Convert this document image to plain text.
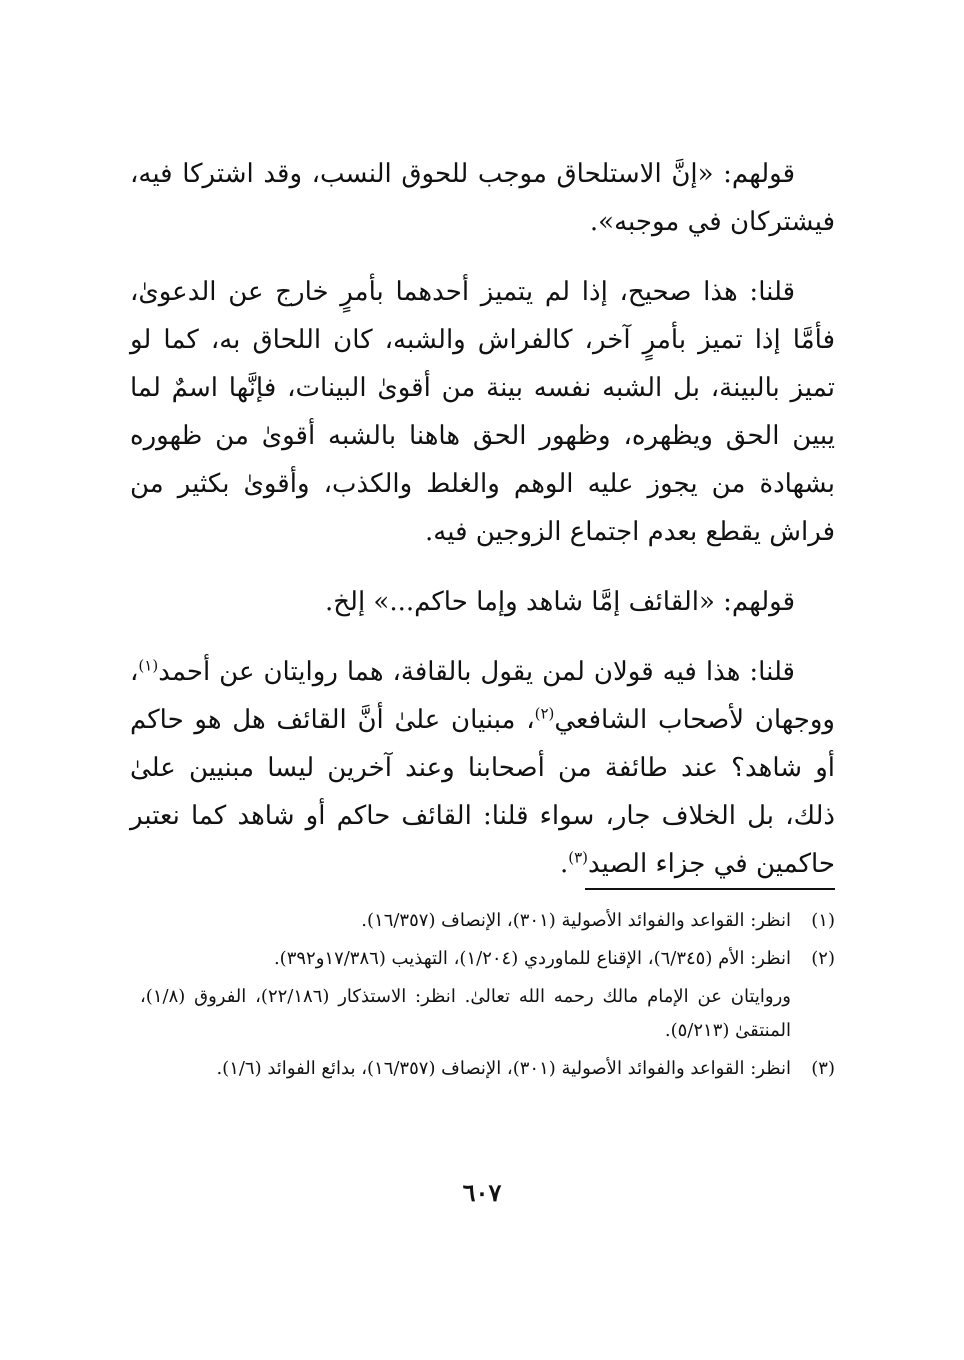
قولهم: «إنَّ الاستلحاق موجب للحوق النسب، وقد اشتركا فيه، فيشتركان في موجبه».

قلنا: هذا صحيح، إذا لم يتميز أحدهما بأمرٍ خارج عن الدعوىٰ، فأمَّا إذا تميز بأمرٍ آخر، كالفراش والشبه، كان اللحاق به، كما لو تميز بالبينة، بل الشبه نفسه بينة من أقوىٰ البينات، فإنَّها اسمٌ لما يبين الحق ويظهره، وظهور الحق هاهنا بالشبه أقوىٰ من ظهوره بشهادة من يجوز عليه الوهم والغلط والكذب، وأقوىٰ بكثير من فراش يقطع بعدم اجتماع الزوجين فيه.

قولهم: «القائف إمَّا شاهد وإما حاكم...» إلخ.

قلنا: هذا فيه قولان لمن يقول بالقافة، هما روايتان عن أحمد$^{(١)}$، ووجهان لأصحاب الشافعي$^{(٢)}$، مبنيان علىٰ أنَّ القائف هل هو حاكم أو شاهد؟ عند طائفة من أصحابنا وعند آخرين ليسا مبنيين علىٰ ذلك، بل الخلاف جار، سواء قلنا: القائف حاكم أو شاهد كما نعتبر حاكمين في جزاء الصيد$^{(٣)}$.

(١)
انظر: القواعد والفوائد الأصولية (٣٠١)، الإنصاف (١٦/٣٥٧).
(٢)
انظر: الأم (٦/٣٤٥)، الإقناع للماوردي (١/٢٠٤)، التهذيب (١٧/٣٨٦و٣٩٢).
وروايتان عن الإمام مالك رحمه الله تعالىٰ. انظر: الاستذكار (٢٢/١٨٦)، الفروق (١/٨)، المنتقىٰ (٥/٢١٣).
(٣)
انظر: القواعد والفوائد الأصولية (٣٠١)، الإنصاف (١٦/٣٥٧)، بدائع الفوائد (١/٦).
٦٠٧
